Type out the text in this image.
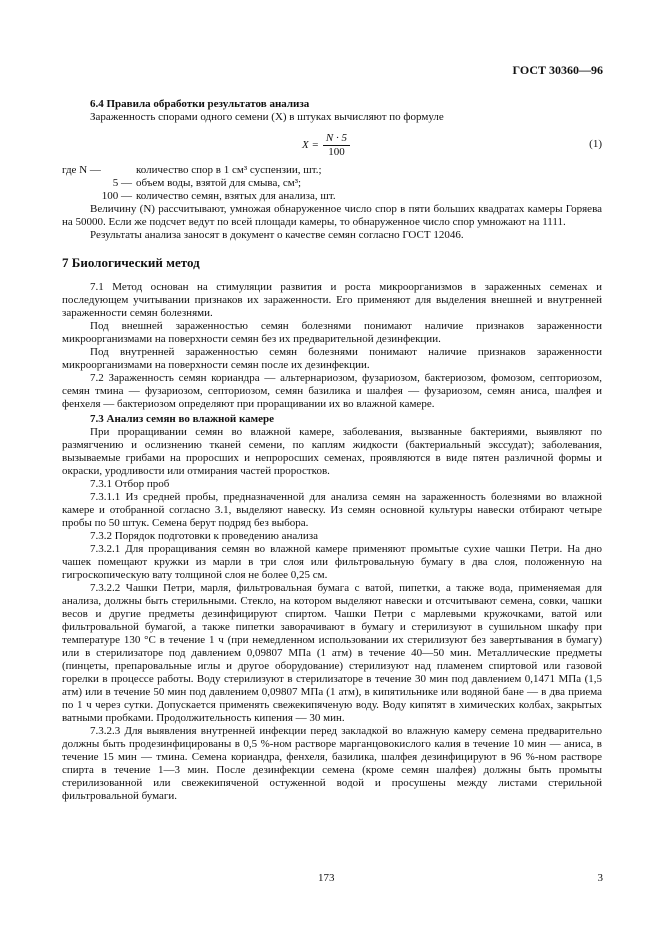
ГОСТ 30360—96

6.4 Правила обработки результатов анализа

Зараженность спорами одного семени (X) в штуках вычисляют по формуле

$X = \frac{N \cdot 5}{100}$	(1)
где N —	количество спор в 1 см³ суспензии, шт.;
5 — объем воды, взятой для смыва, см³;
100 — количество семян, взятых для анализа, шт.

Величину (N) рассчитывают, умножая обнаруженное число спор в пяти больших квадратах камеры Горяева на 50000. Если же подсчет ведут по всей площади камеры, то обнаруженное число спор умножают на 1111.

Результаты анализа заносят в документ о качестве семян согласно ГОСТ 12046.

7 Биологический метод

7.1 Метод основан на стимуляции развития и роста микроорганизмов в зараженных семенах и последующем учитывании признаков их зараженности. Его применяют для выделения внешней и внутренней зараженности семян болезнями.

Под внешней зараженностью семян болезнями понимают наличие признаков зараженности микроорганизмами на поверхности семян без их предварительной дезинфекции.

Под внутренней зараженностью семян болезнями понимают наличие признаков зараженности микроорганизмами на поверхности семян после их дезинфекции.

7.2 Зараженность семян кориандра — альтернариозом, фузариозом, бактериозом, фомозом, септориозом, семян тмина — фузариозом, септориозом, семян базилика и шалфея — фузариозом, семян аниса, шалфея и фенхеля — бактериозом определяют при проращивании их во влажной камере.

7.3 Анализ семян во влажной камере

При проращивании семян во влажной камере, заболевания, вызванные бактериями, выявляют по размягчению и ослизнению тканей семени, по каплям жидкости (бактериальный экссудат); заболевания, вызываемые грибами на проросших и непроросших семенах, проявляются в виде пятен различной формы и окраски, уродливости или отмирания частей проростков.

7.3.1 Отбор проб

7.3.1.1 Из средней пробы, предназначенной для анализа семян на зараженность болезнями во влажной камере и отобранной согласно 3.1, выделяют навеску. Из семян основной культуры навески отбирают четыре пробы по 50 штук. Семена берут подряд без выбора.

7.3.2 Порядок подготовки к проведению анализа

7.3.2.1 Для проращивания семян во влажной камере применяют промытые сухие чашки Петри. На дно чашек помещают кружки из марли в три слоя или фильтровальную бумагу в два слоя, положенную на гигроскопическую вату толщиной слоя не более 0,25 см.

7.3.2.2 Чашки Петри, марля, фильтровальная бумага с ватой, пипетки, а также вода, применяемая для анализа, должны быть стерильными. Стекло, на котором выделяют навески и отсчитывают семена, совки, чашки весов и другие предметы дезинфицируют спиртом. Чашки Петри с марлевыми кружочками, ватой или фильтровальной бумагой, а также пипетки заворачивают в бумагу и стерилизуют в сушильном шкафу при температуре 130 °С в течение 1 ч (при немедленном использовании их стерилизуют без завертывания в бумагу) или в стерилизаторе под давлением 0,09807 МПа (1 атм) в течение 40—50 мин. Металлические предметы (пинцеты, препаровальные иглы и другое оборудование) стерилизуют над пламенем спиртовой или газовой горелки в процессе работы. Воду стерилизуют в стерилизаторе в течение 30 мин под давлением 0,1471 МПа (1,5 атм) или в течение 50 мин под давлением 0,09807 МПа (1 атм), в кипятильнике или водяной бане — в два приема по 1 ч через сутки. Допускается применять свежекипяченую воду. Воду кипятят в химических колбах, закрытых ватными пробками. Продолжительность кипения — 30 мин.

7.3.2.3 Для выявления внутренней инфекции перед закладкой во влажную камеру семена предварительно должны быть продезинфицированы в 0,5 %-ном растворе марганцовокислого калия в течение 10 мин — аниса, в течение 15 мин — тмина. Семена кориандра, фенхеля, базилика, шалфея дезинфицируют в 96 %-ном растворе спирта в течение 1—3 мин. После дезинфекции семена (кроме семян шалфея) должны быть промыты стерилизованной или свежекипяченой остуженной водой и просушены между листами стерильной фильтровальной бумаги.

173	3
